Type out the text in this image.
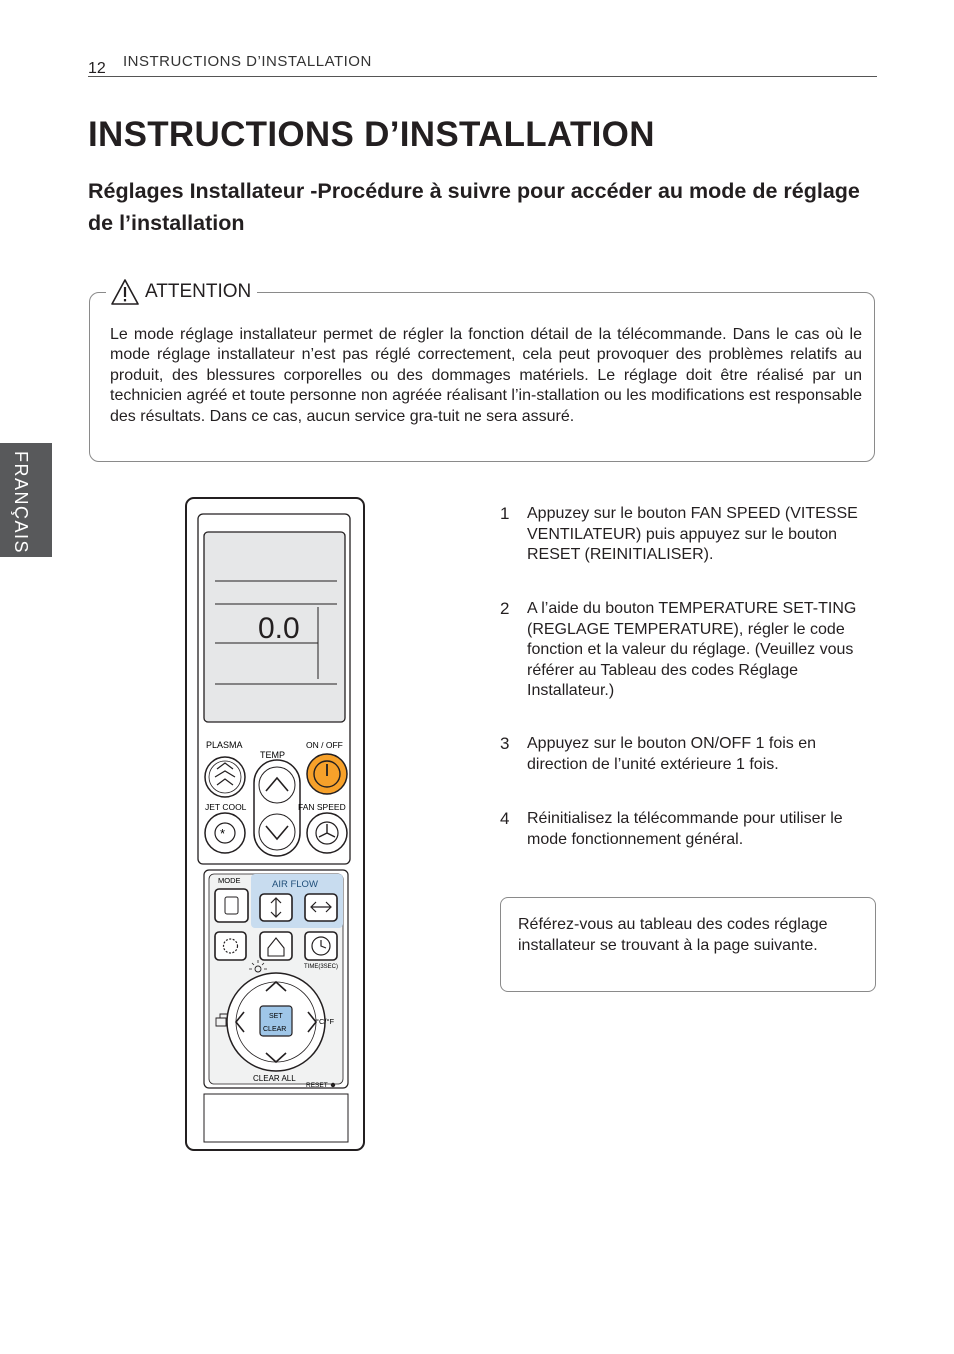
12 INSTRUCTIONS D’INSTALLATION
INSTRUCTIONS D’INSTALLATION
Réglages Installateur -Procédure à suivre pour accéder au mode de réglage de l’installation
FRANÇAIS
ATTENTION
Le mode réglage installateur permet de régler la fonction détail de la télécommande. Dans le cas où le mode réglage installateur n’est pas réglé correctement, cela peut provoquer des problèmes relatifs au produit, des blessures corporelles ou des dommages matériels. Le réglage doit être réalisé par un technicien agréé et toute personne non agréée réalisant l’in-stallation ou les modifications est responsable des résultats. Dans ce cas, aucun service gra-tuit ne sera assuré.
0.0
PLASMA
TEMP
ON / OFF
JET COOL	FAN SPEED
*
MODE	AIR FLOW
TIME(3SEC)
SET
CLEAR
°C/°F
CLEAR ALL
RESET
1	Appuzey sur le bouton FAN SPEED (VITESSE VENTILATEUR) puis appuyez sur le bouton RESET (REINITIALISER).
2	A l’aide du bouton TEMPERATURE SET-TING (REGLAGE TEMPERATURE), régler le code fonction et la valeur du réglage. (Veuillez vous référer au Tableau des codes Réglage Installateur.)
3	Appuyez sur le bouton ON/OFF 1 fois en direction de l’unité extérieure 1 fois.
4	Réinitialisez la télécommande pour utiliser le mode fonctionnement général.
Référez-vous au tableau des codes réglage installateur se trouvant à la page suivante.
